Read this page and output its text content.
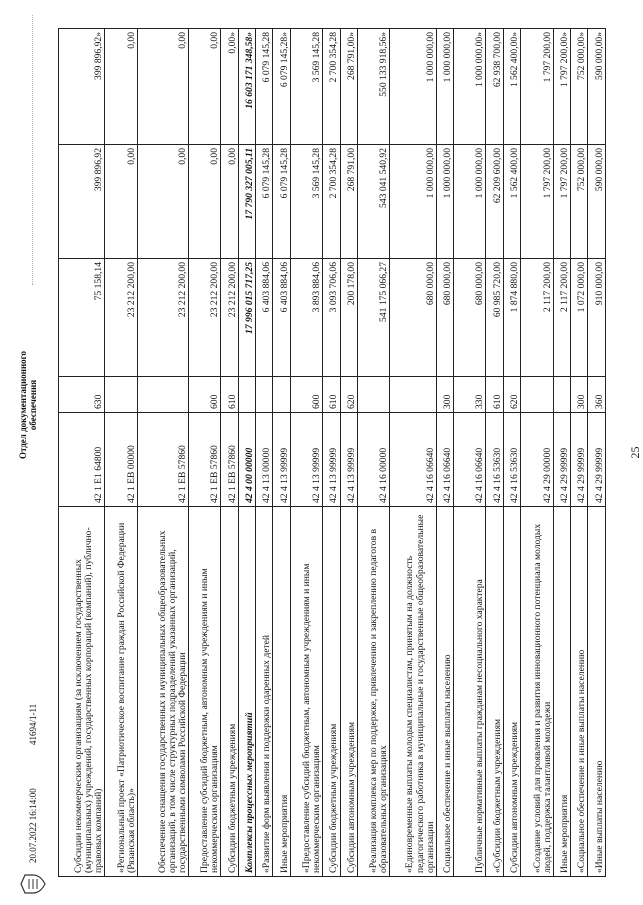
20.07.2022 16:14:00
41694/1-11
Отдел документационного обеспечения
Субсидии некоммерческим организациям (за исключением государственных (муниципальных) учреждений, государственных корпораций (компаний), публично-правовых компаний)	42 1 E1 64800	630	75 158,14	399 896,92	399 896,92»
«Региональный проект «Патриотическое воспитание граждан Российской Федерации (Рязанская область)»	42 1 EB 00000		23 212 200,00	0,00	0,00
Обеспечение оснащения государственных и муниципальных общеобразовательных организаций, в том числе структурных подразделений указанных организаций, государственными символами Российской Федерации	42 1 EB 57860		23 212 200,00	0,00	0,00
Предоставление субсидий бюджетным, автономным учреждениям и иным некоммерческим организациям	42 1 EB 57860	600	23 212 200,00	0,00	0,00
Субсидии бюджетным учреждениям	42 1 EB 57860	610	23 212 200,00	0,00	0,00»
Комплексы процессных мероприятий	42 4 00 00000		17 996 015 717,25	17 790 327 005,11	16 603 171 348,58»
«Развитие форм выявления и поддержки одаренных детей	42 4 13 00000		6 403 884,06	6 079 145,28	6 079 145,28
Иные мероприятия	42 4 13 99999		6 403 884,06	6 079 145,28	6 079 145,28»
«Предоставление субсидий бюджетным, автономным учреждениям и иным некоммерческим организациям	42 4 13 99999	600	3 893 884,06	3 569 145,28	3 569 145,28
Субсидии бюджетным учреждениям	42 4 13 99999	610	3 093 706,06	2 700 354,28	2 700 354,28
Субсидии автономным учреждениям	42 4 13 99999	620	200 178,00	268 791,00	268 791,00»
«Реализация комплекса мер по поддержке, привлечению и закреплению педагогов в образовательных организациях	42 4 16 00000		541 175 066,27	543 041 540,92	550 133 918,56»
«Единовременные выплаты молодым специалистам, принятым на должность педагогического работника в муниципальные и государственные общеобразовательные организации	42 4 16 06640		680 000,00	1 000 000,00	1 000 000,00
Социальное обеспечение и иные выплаты населению	42 4 16 06640	300	680 000,00	1 000 000,00	1 000 000,00
Публичные нормативные выплаты гражданам несоциального характера	42 4 16 06640	330	680 000,00	1 000 000,00	1 000 000,00»
«Субсидии бюджетным учреждениям	42 4 16 53630	610	60 985 720,00	62 209 600,00	62 938 700,00
Субсидии автономным учреждениям	42 4 16 53630	620	1 874 880,00	1 562 400,00	1 562 400,00»
«Создание условий для проявления и развития инновационного потенциала молодых людей, поддержка талантливой молодежи	42 4 29 00000		2 117 200,00	1 797 200,00	1 797 200,00
Иные мероприятия	42 4 29 99999		2 117 200,00	1 797 200,00	1 797 200,00»
«Социальное обеспечение и иные выплаты населению	42 4 29 99999	300	1 072 000,00	752 000,00	752 000,00»
«Иные выплаты населению	42 4 29 99999	360	910 000,00	590 000,00	590 000,00»
25
